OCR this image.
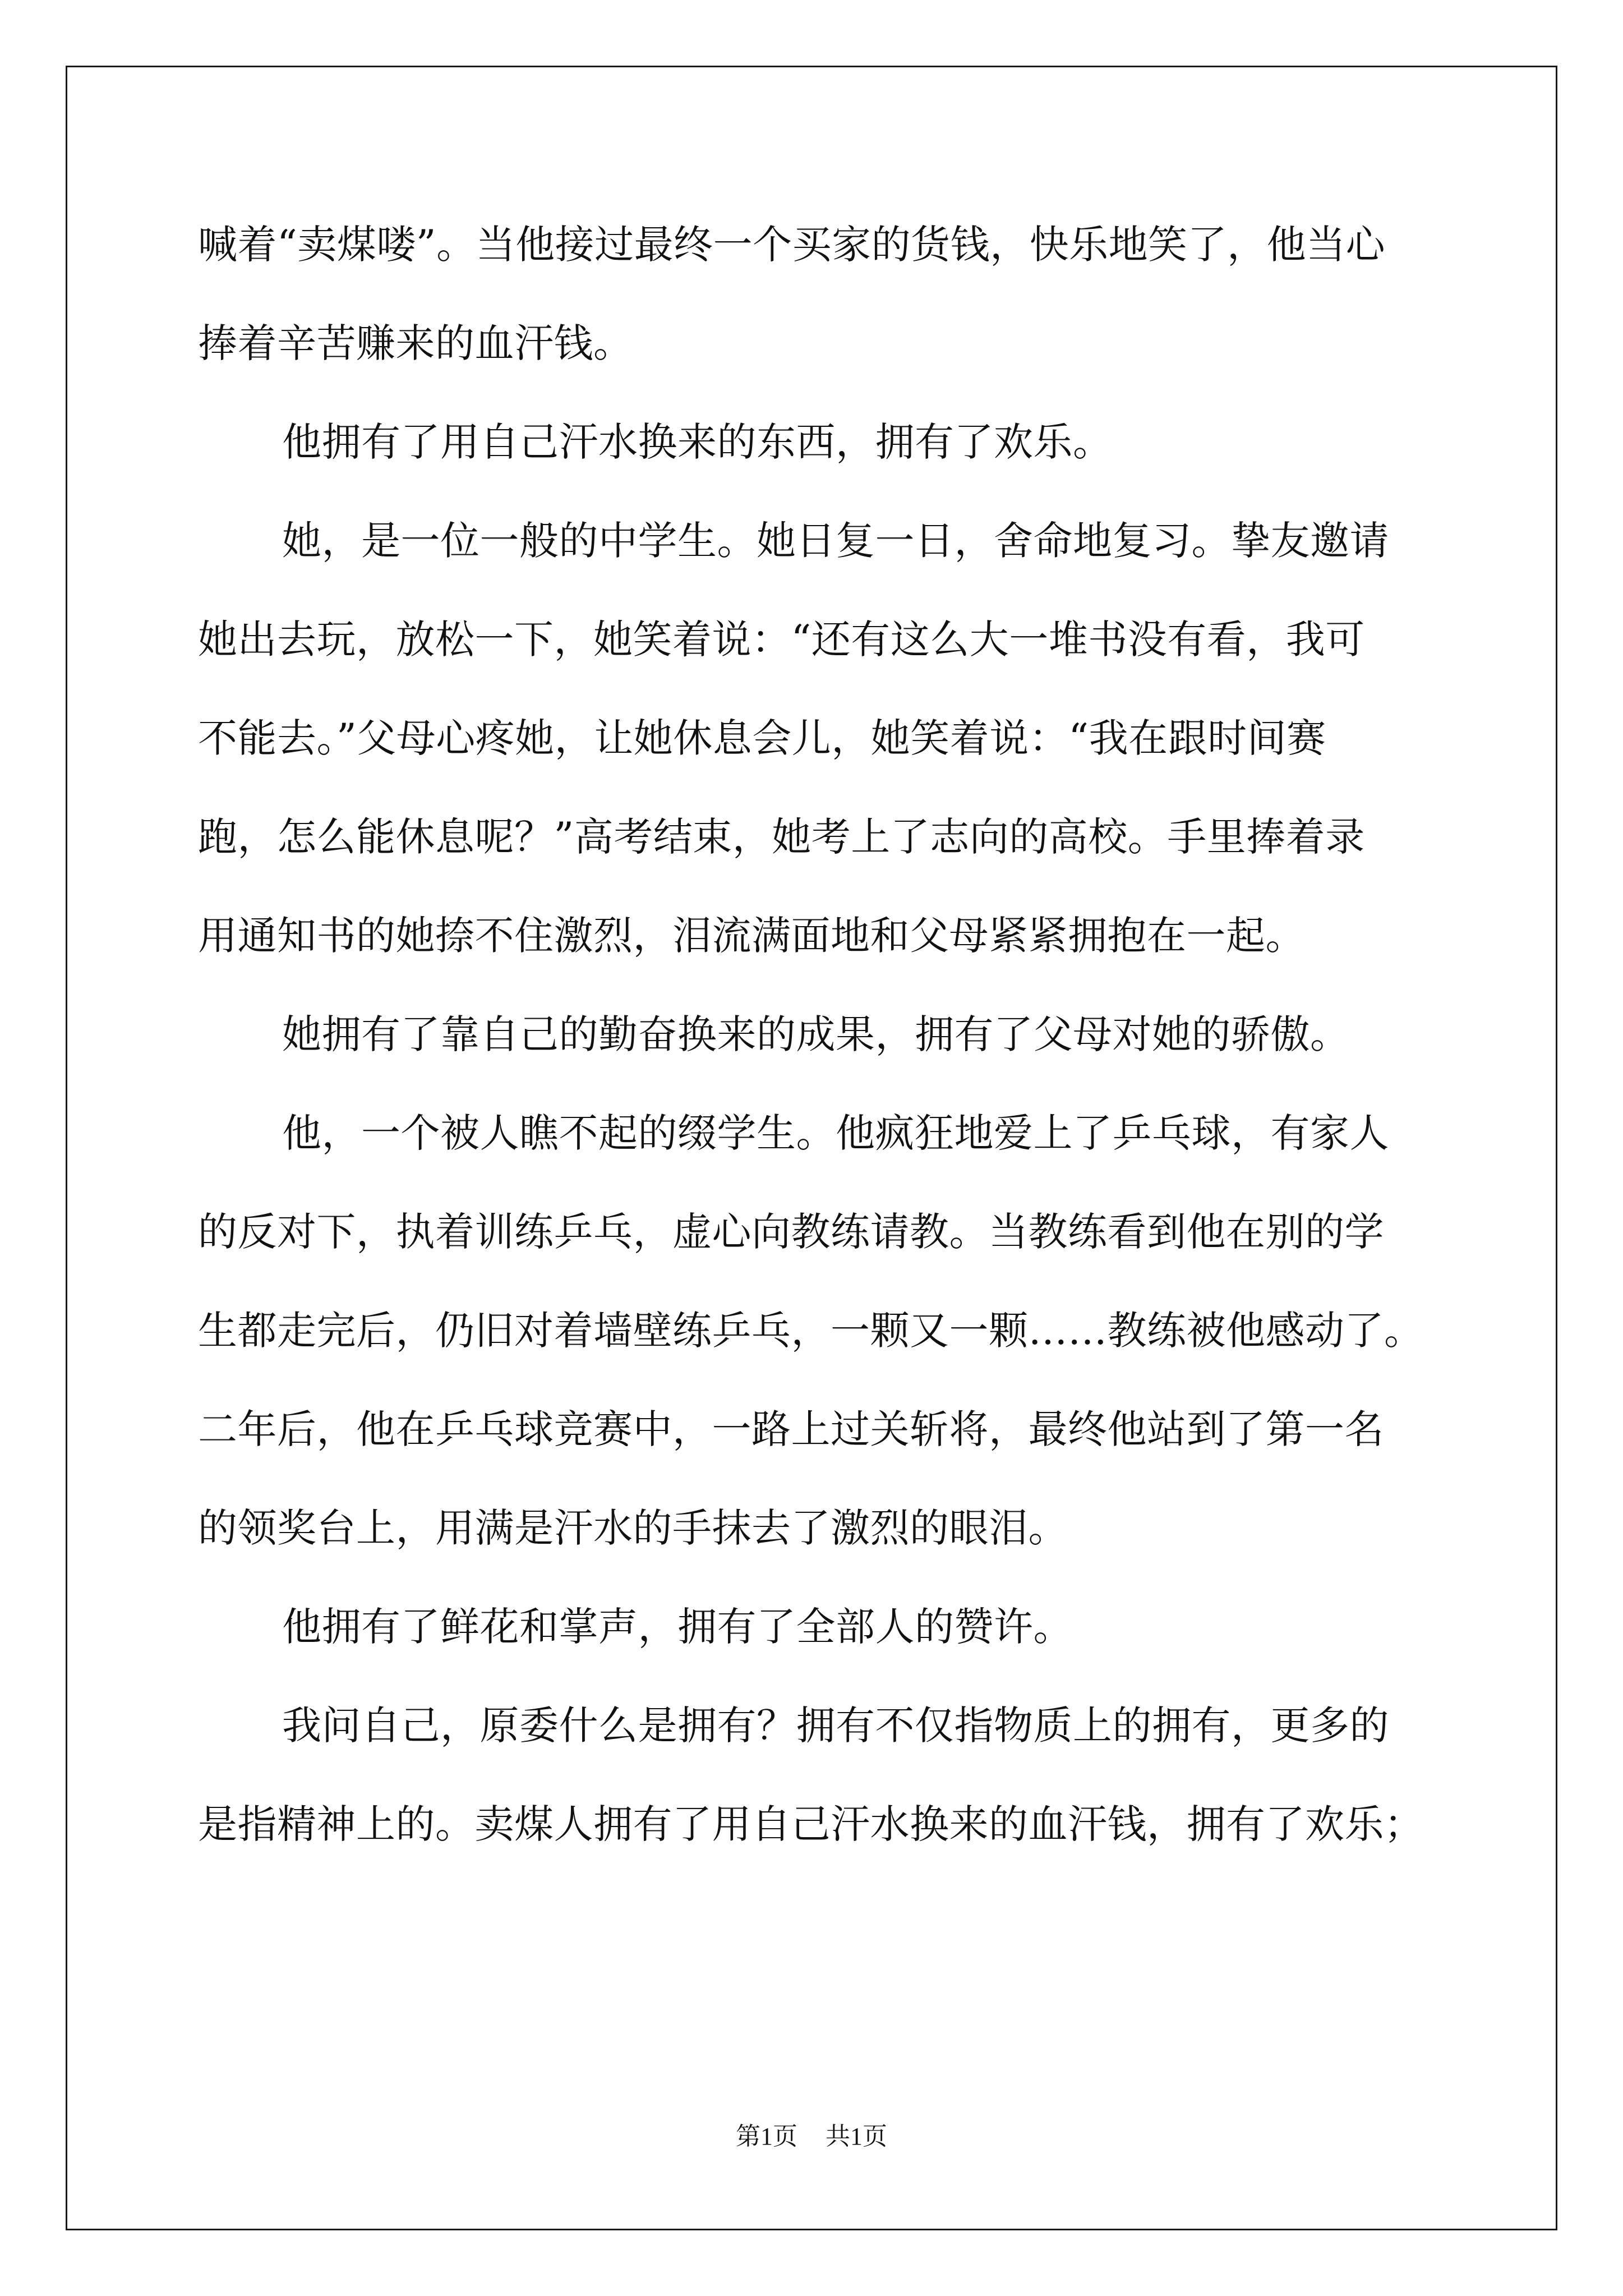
喊着“卖煤喽”。当他接过最终一个买家的货钱，快乐地笑了，他当心
捧着辛苦赚来的血汗钱。
他拥有了用自己汗水换来的东西，拥有了欢乐。
她，是一位一般的中学生。她日复一日，舍命地复习。挚友邀请
她出去玩，放松一下，她笑着说：“还有这么大一堆书没有看，我可
不能去。”父母心疼她，让她休息会儿，她笑着说：“我在跟时间赛
跑，怎么能休息呢？”高考结束，她考上了志向的高校。手里捧着录
用通知书的她捺不住激烈，泪流满面地和父母紧紧拥抱在一起。
她拥有了靠自己的勤奋换来的成果，拥有了父母对她的骄傲。
他，一个被人瞧不起的缀学生。他疯狂地爱上了乒乓球，有家人
的反对下，执着训练乒乓，虚心向教练请教。当教练看到他在别的学
生都走完后，仍旧对着墙壁练乒乓，一颗又一颗……教练被他感动了。
二年后，他在乒乓球竞赛中，一路上过关斩将，最终他站到了第一名
的领奖台上，用满是汗水的手抹去了激烈的眼泪。
他拥有了鲜花和掌声，拥有了全部人的赞许。
我问自己，原委什么是拥有？拥有不仅指物质上的拥有，更多的
是指精神上的。卖煤人拥有了用自己汗水换来的血汗钱，拥有了欢乐；
第1页 共1页
